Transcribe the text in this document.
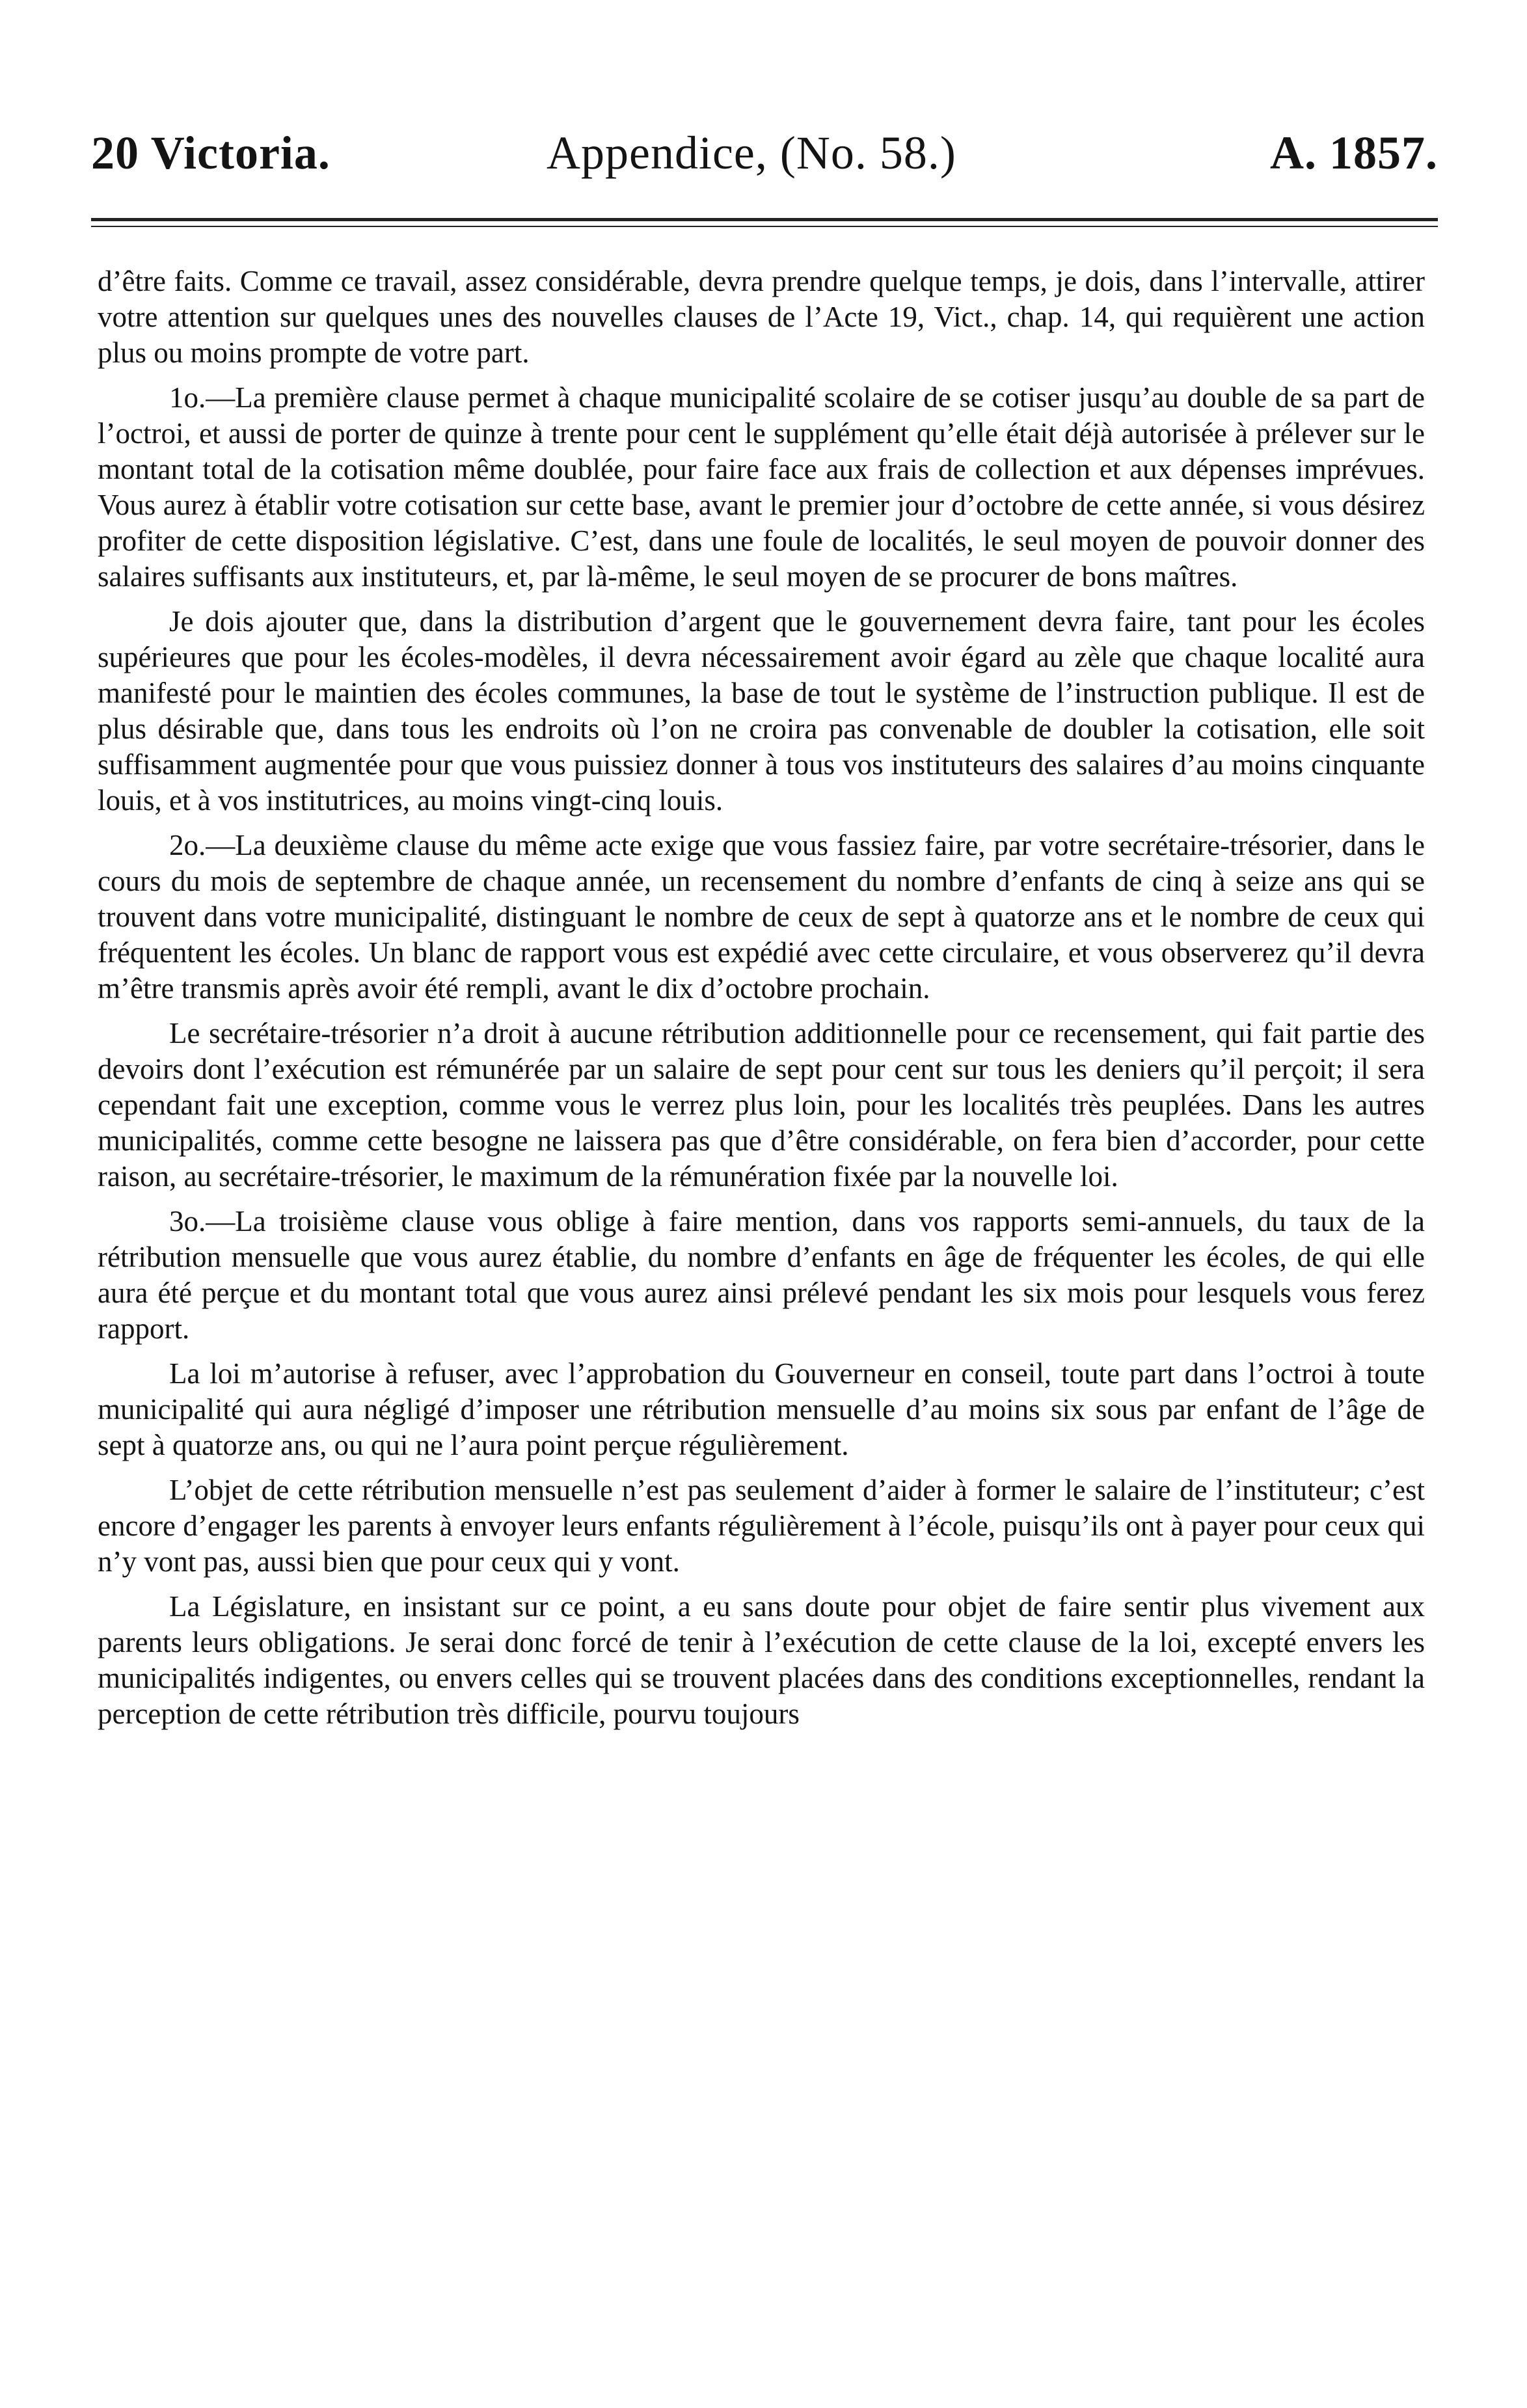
20 Victoria.	Appendice, (No. 58.)	A. 1857.

d’être faits. Comme ce travail, assez considérable, devra prendre quelque temps, je dois, dans l’intervalle, attirer votre attention sur quelques unes des nouvelles clauses de l’Acte 19, Vict., chap. 14, qui requièrent une action plus ou moins prompte de votre part.

1o.—La première clause permet à chaque municipalité scolaire de se cotiser jusqu’au double de sa part de l’octroi, et aussi de porter de quinze à trente pour cent le supplément qu’elle était déjà autorisée à prélever sur le montant total de la cotisation même doublée, pour faire face aux frais de collection et aux dépenses imprévues. Vous aurez à établir votre cotisation sur cette base, avant le premier jour d’octobre de cette année, si vous désirez profiter de cette disposition législative. C’est, dans une foule de localités, le seul moyen de pouvoir donner des salaires suffisants aux instituteurs, et, par là-même, le seul moyen de se procurer de bons maîtres.

Je dois ajouter que, dans la distribution d’argent que le gouvernement devra faire, tant pour les écoles supérieures que pour les écoles-modèles, il devra nécessairement avoir égard au zèle que chaque localité aura manifesté pour le maintien des écoles communes, la base de tout le système de l’instruction publique. Il est de plus désirable que, dans tous les endroits où l’on ne croira pas convenable de doubler la cotisation, elle soit suffisamment augmentée pour que vous puissiez donner à tous vos instituteurs des salaires d’au moins cinquante louis, et à vos institutrices, au moins vingt-cinq louis.

2o.—La deuxième clause du même acte exige que vous fassiez faire, par votre secrétaire-trésorier, dans le cours du mois de septembre de chaque année, un recensement du nombre d’enfants de cinq à seize ans qui se trouvent dans votre municipalité, distinguant le nombre de ceux de sept à quatorze ans et le nombre de ceux qui fréquentent les écoles. Un blanc de rapport vous est expédié avec cette circulaire, et vous observerez qu’il devra m’être transmis après avoir été rempli, avant le dix d’octobre prochain.

Le secrétaire-trésorier n’a droit à aucune rétribution additionnelle pour ce recensement, qui fait partie des devoirs dont l’exécution est rémunérée par un salaire de sept pour cent sur tous les deniers qu’il perçoit; il sera cependant fait une exception, comme vous le verrez plus loin, pour les localités très peuplées. Dans les autres municipalités, comme cette besogne ne laissera pas que d’être considérable, on fera bien d’accorder, pour cette raison, au secrétaire-trésorier, le maximum de la rémunération fixée par la nouvelle loi.

3o.—La troisième clause vous oblige à faire mention, dans vos rapports semi-annuels, du taux de la rétribution mensuelle que vous aurez établie, du nombre d’enfants en âge de fréquenter les écoles, de qui elle aura été perçue et du montant total que vous aurez ainsi prélevé pendant les six mois pour lesquels vous ferez rapport.

La loi m’autorise à refuser, avec l’approbation du Gouverneur en conseil, toute part dans l’octroi à toute municipalité qui aura négligé d’imposer une rétribution mensuelle d’au moins six sous par enfant de l’âge de sept à quatorze ans, ou qui ne l’aura point perçue régulièrement.

L’objet de cette rétribution mensuelle n’est pas seulement d’aider à former le salaire de l’instituteur; c’est encore d’engager les parents à envoyer leurs enfants régulièrement à l’école, puisqu’ils ont à payer pour ceux qui n’y vont pas, aussi bien que pour ceux qui y vont.

La Législature, en insistant sur ce point, a eu sans doute pour objet de faire sentir plus vivement aux parents leurs obligations. Je serai donc forcé de tenir à l’exécution de cette clause de la loi, excepté envers les municipalités indigentes, ou envers celles qui se trouvent placées dans des conditions exceptionnelles, rendant la perception de cette rétribution très difficile, pourvu toujours
